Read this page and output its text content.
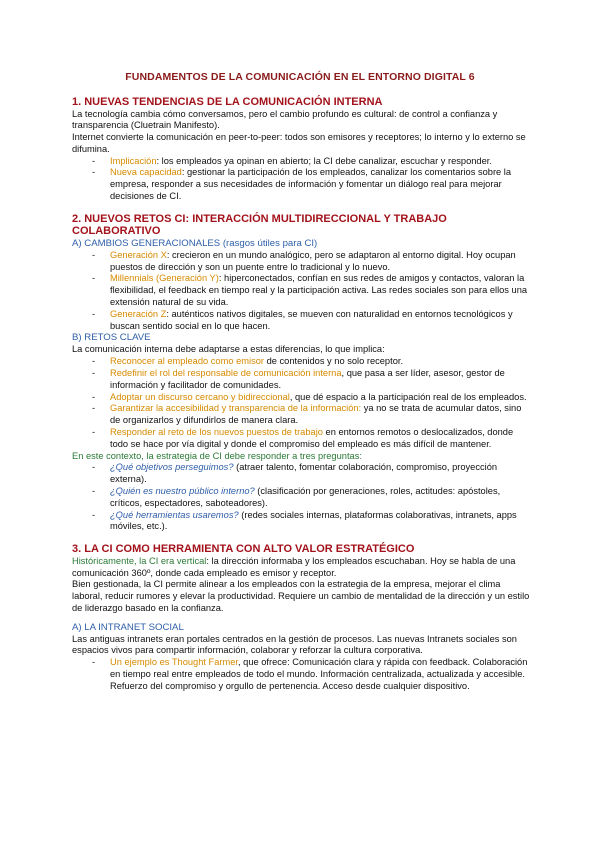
FUNDAMENTOS DE LA COMUNICACIÓN EN EL ENTORNO DIGITAL 6
1. NUEVAS TENDENCIAS DE LA COMUNICACIÓN INTERNA

La tecnología cambia cómo conversamos, pero el cambio profundo es cultural: de control a confianza y transparencia (Cluetrain Manifesto).

Internet convierte la comunicación en peer-to-peer: todos son emisores y receptores; lo interno y lo externo se difumina.

- Implicación: los empleados ya opinan en abierto; la CI debe canalizar, escuchar y responder.
- Nueva capacidad: gestionar la participación de los empleados, canalizar los comentarios sobre la empresa, responder a sus necesidades de información y fomentar un diálogo real para mejorar decisiones de CI.
2. NUEVOS RETOS CI: INTERACCIÓN MULTIDIRECCIONAL Y TRABAJO COLABORATIVO
A) CAMBIOS GENERACIONALES (rasgos útiles para CI)
- Generación X: crecieron en un mundo analógico, pero se adaptaron al entorno digital. Hoy ocupan puestos de dirección y son un puente entre lo tradicional y lo nuevo.
- Millennials (Generación Y): hiperconectados, confían en sus redes de amigos y contactos, valoran la flexibilidad, el feedback en tiempo real y la participación activa. Las redes sociales son para ellos una extensión natural de su vida.
- Generación Z: auténticos nativos digitales, se mueven con naturalidad en entornos tecnológicos y buscan sentido social en lo que hacen.
B) RETOS CLAVE

La comunicación interna debe adaptarse a estas diferencias, lo que implica:

- Reconocer al empleado como emisor de contenidos y no solo receptor.
- Redefinir el rol del responsable de comunicación interna, que pasa a ser líder, asesor, gestor de información y facilitador de comunidades.
- Adoptar un discurso cercano y bidireccional, que dé espacio a la participación real de los empleados.
- Garantizar la accesibilidad y transparencia de la información: ya no se trata de acumular datos, sino de organizarlos y difundirlos de manera clara.
- Responder al reto de los nuevos puestos de trabajo en entornos remotos o deslocalizados, donde todo se hace por vía digital y donde el compromiso del empleado es más difícil de mantener.

En este contexto, la estrategia de CI debe responder a tres preguntas:

- ¿Qué objetivos perseguimos? (atraer talento, fomentar colaboración, compromiso, proyección externa).
- ¿Quién es nuestro público interno? (clasificación por generaciones, roles, actitudes: apóstoles, críticos, espectadores, saboteadores).
- ¿Qué herramientas usaremos? (redes sociales internas, plataformas colaborativas, intranets, apps móviles, etc.).
3. LA CI COMO HERRAMIENTA CON ALTO VALOR ESTRATÉGICO

Históricamente, la CI era vertical: la dirección informaba y los empleados escuchaban. Hoy se habla de una comunicación 360º, donde cada empleado es emisor y receptor.

Bien gestionada, la CI permite alinear a los empleados con la estrategia de la empresa, mejorar el clima laboral, reducir rumores y elevar la productividad. Requiere un cambio de mentalidad de la dirección y un estilo de liderazgo basado en la confianza.

A) LA INTRANET SOCIAL

Las antiguas intranets eran portales centrados en la gestión de procesos. Las nuevas Intranets sociales son espacios vivos para compartir información, colaborar y reforzar la cultura corporativa.

- Un ejemplo es Thought Farmer, que ofrece: Comunicación clara y rápida con feedback. Colaboración en tiempo real entre empleados de todo el mundo. Información centralizada, actualizada y accesible. Refuerzo del compromiso y orgullo de pertenencia. Acceso desde cualquier dispositivo.
